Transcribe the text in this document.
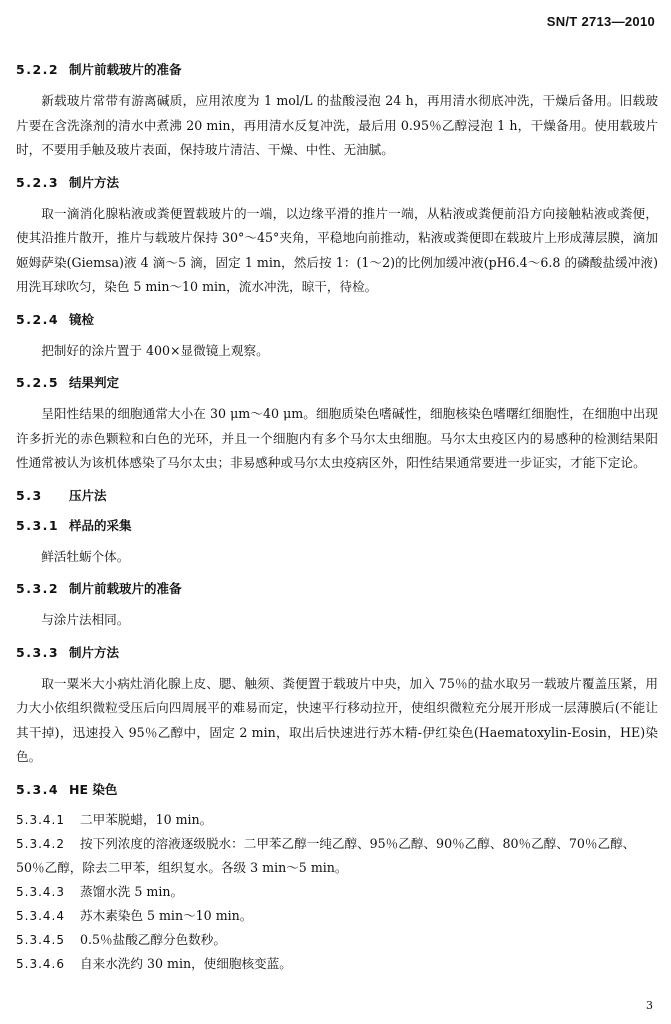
SN/T 2713—2010
5.2.2 制片前载玻片的准备
新载玻片常带有游离碱质，应用浓度为 1 mol/L 的盐酸浸泡 24 h，再用清水彻底冲洗，干燥后备用。旧载玻片要在含洗涤剂的清水中煮沸 20 min，再用清水反复冲洗，最后用 0.95％乙醇浸泡 1 h，干燥备用。使用载玻片时，不要用手触及玻片表面，保持玻片清洁、干燥、中性、无油腻。
5.2.3 制片方法
取一滴消化腺粘液或粪便置载玻片的一端，以边缘平滑的推片一端，从粘液或粪便前沿方向接触粘液或粪便，使其沿推片散开，推片与载玻片保持 30°～45°夹角，平稳地向前推动，粘液或粪便即在载玻片上形成薄层膜，滴加姬姆萨染(Giemsa)液 4 滴～5 滴，固定 1 min，然后按 1：(1～2)的比例加缓冲液(pH6.4～6.8 的磷酸盐缓冲液)用洗耳球吹匀，染色 5 min～10 min，流水冲洗，晾干，待检。
5.2.4 镜检
把制好的涂片置于 400×显微镜上观察。
5.2.5 结果判定
呈阳性结果的细胞通常大小在 30 μm～40 μm。细胞质染色嗜碱性，细胞核染色嗜曙红细胞性，在细胞中出现许多折光的赤色颗粒和白色的光环，并且一个细胞内有多个马尔太虫细胞。马尔太虫疫区内的易感种的检测结果阳性通常被认为该机体感染了马尔太虫；非易感种或马尔太虫疫病区外，阳性结果通常要进一步证实，才能下定论。
5.3	压片法
5.3.1 样品的采集
鲜活牡蛎个体。
5.3.2 制片前载玻片的准备
与涂片法相同。
5.3.3 制片方法
取一粟米大小病灶消化腺上皮、腮、触须、粪便置于载玻片中央，加入 75％的盐水取另一载玻片覆盖压紧，用力大小依组织微粒受压后向四周展平的难易而定，快速平行移动拉开，使组织微粒充分展开形成一层薄膜后(不能让其干掉)，迅速投入 95％乙醇中，固定 2 min，取出后快速进行苏木精-伊红染色(Haematoxylin-Eosin，HE)染色。
5.3.4 HE 染色
5.3.4.1	二甲苯脱蜡，10 min。
5.3.4.2 按下列浓度的溶液逐级脱水：二甲苯乙醇一纯乙醇、95％乙醇、90％乙醇、80％乙醇、70％乙醇、50％乙醇，除去二甲苯，组织复水。各级 3 min～5 min。
5.3.4.3	蒸馏水洗 5 min。
5.3.4.4	苏木素染色 5 min～10 min。
5.3.4.5	0.5％盐酸乙醇分色数秒。
5.3.4.6	自来水洗约 30 min，使细胞核变蓝。
3
